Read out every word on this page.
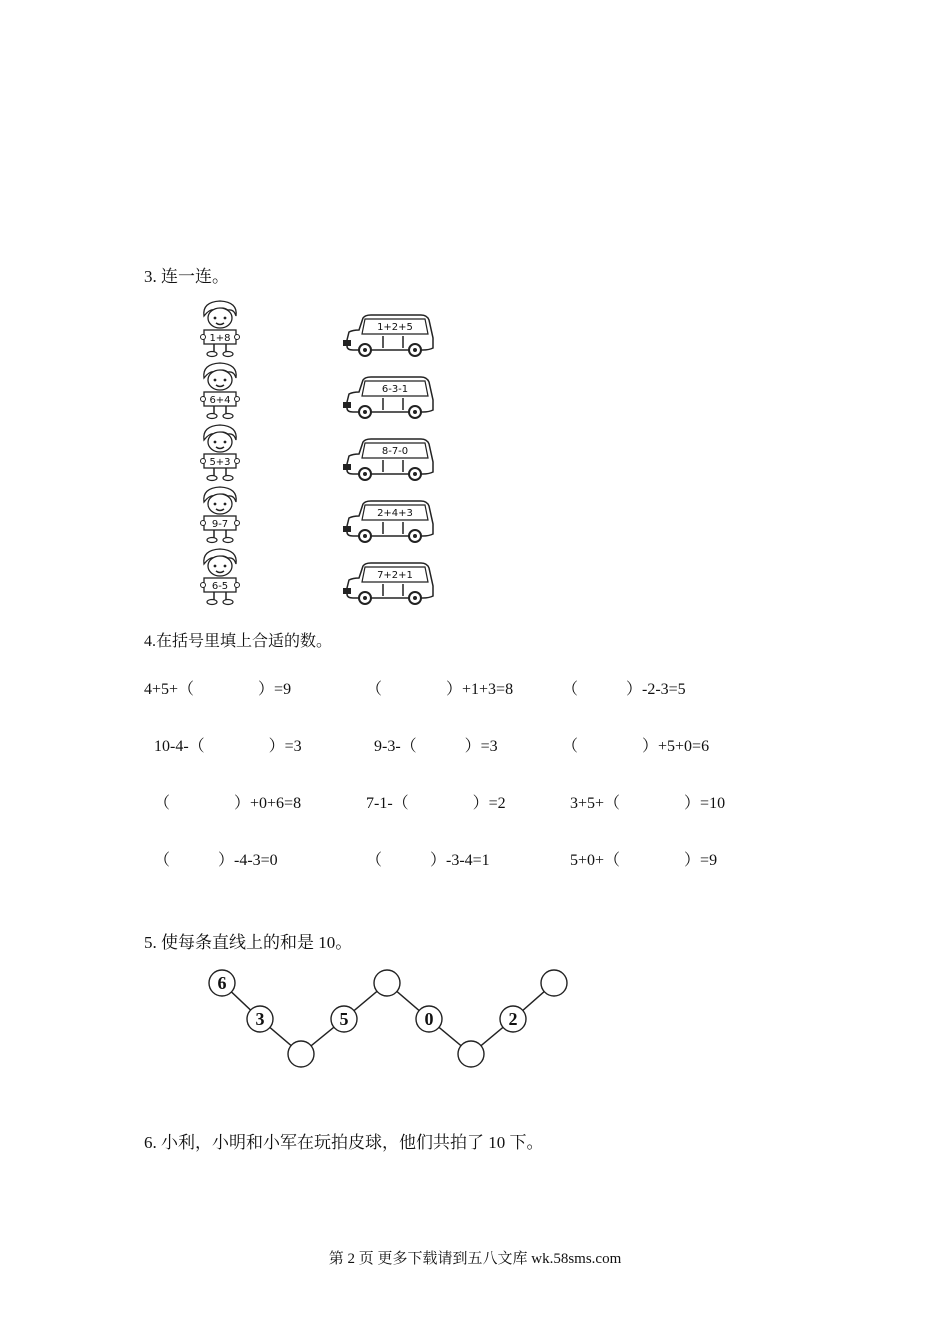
3. 连一连。
1+8
6+4
5+3
9-7
6-5
1+2+5
6-3-1
8-7-0
2+4+3
7+2+1
4.在括号里填上合适的数。
4+5+（　　　　）=9	（　　　　）+1+3=8	（　　　）-2-3=5
10-4-（　　　　）=3	9-3-（　　　）=3	（　　　　）+5+0=6
（　　　　）+0+6=8	7-1-（　　　　）=2	3+5+（　　　　）=10
（　　　）-4-3=0	（　　　）-3-4=1	5+0+（　　　　）=9
5. 使每条直线上的和是 10。
6
3	5	0	2
6. 小利，小明和小军在玩拍皮球，他们共拍了 10 下。
第 2 页 更多下载请到五八文库 wk.58sms.com
